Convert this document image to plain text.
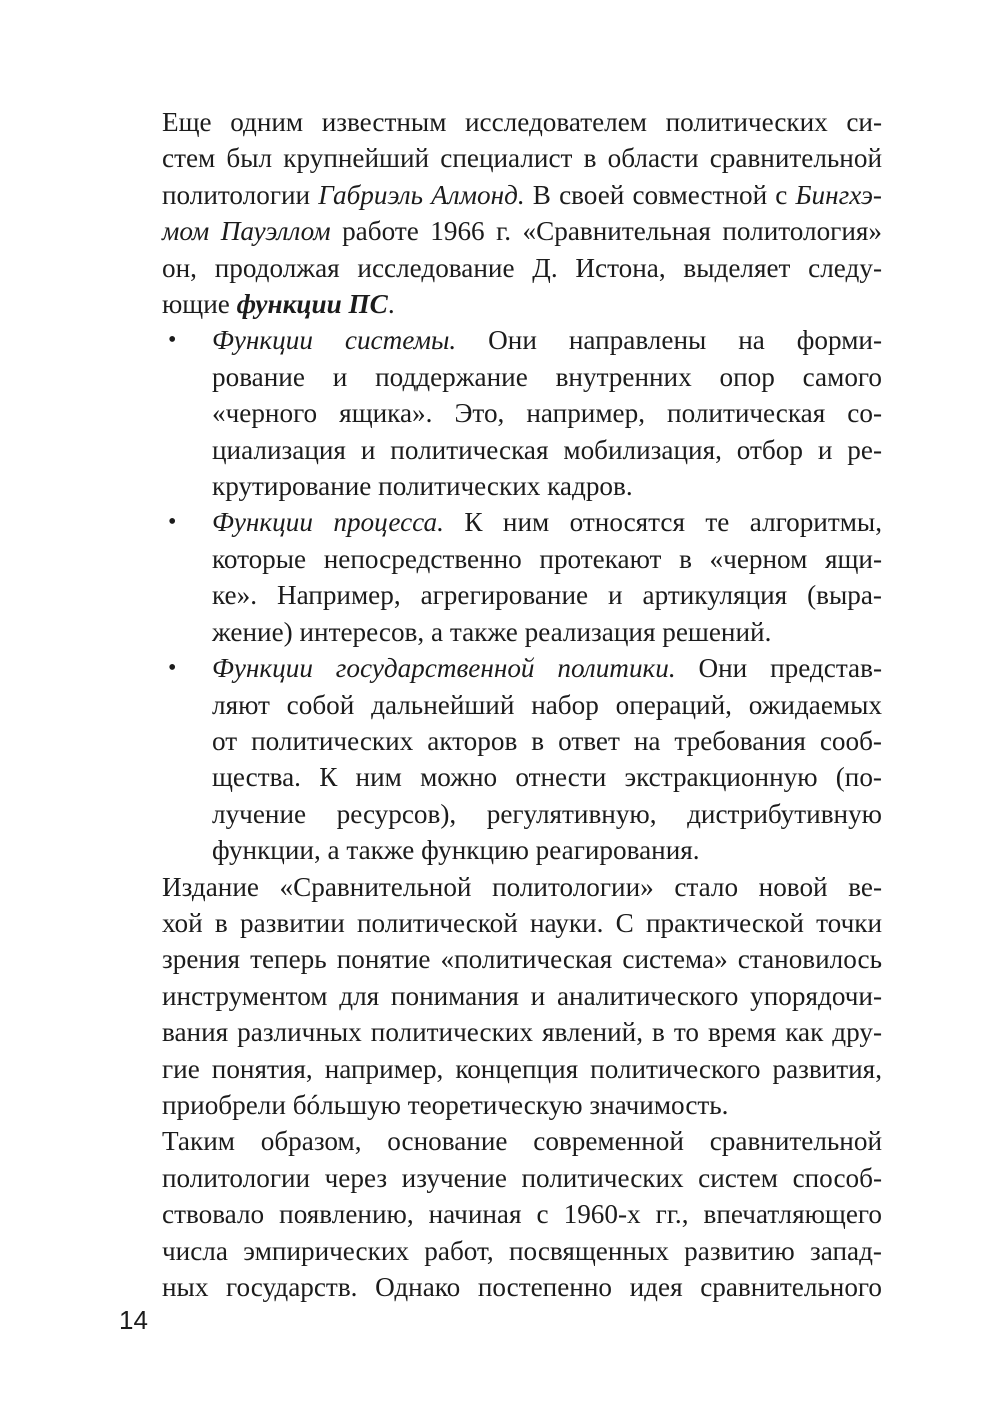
Еще одним известным исследователем политических си-
стем был крупнейший специалист в области сравнительной
политологии Габриэль Алмонд. В своей совместной с Бингхэ-
мом Пауэллом работе 1966 г. «Сравнительная политология»
он, продолжая исследование Д. Истона, выделяет следу-
ющие функции ПС.

• Функции системы. Они направлены на форми-
рование и поддержание внутренних опор самого
«черного ящика». Это, например, политическая со-
циализация и политическая мобилизация, отбор и ре-
крутирование политических кадров.

• Функции процесса. К ним относятся те алгоритмы,
которые непосредственно протекают в «черном ящи-
ке». Например, агрегирование и артикуляция (выра-
жение) интересов, а также реализация решений.

• Функции государственной политики. Они представ-
ляют собой дальнейший набор операций, ожидаемых
от политических акторов в ответ на требования сооб-
щества. К ним можно отнести экстракционную (по-
лучение ресурсов), регулятивную, дистрибутивную
функции, а также функцию реагирования.

Издание «Сравнительной политологии» стало новой ве-
хой в развитии политической науки. С практической точки
зрения теперь понятие «политическая система» становилось
инструментом для понимания и аналитического упорядочи-
вания различных политических явлений, в то время как дру-
гие понятия, например, концепция политического развития,
приобрели бóльшую теоретическую значимость.

Таким образом, основание современной сравнительной
политологии через изучение политических систем способ-
ствовало появлению, начиная с 1960-х гг., впечатляющего
числа эмпирических работ, посвященных развитию запад-
ных государств. Однако постепенно идея сравнительного

14
